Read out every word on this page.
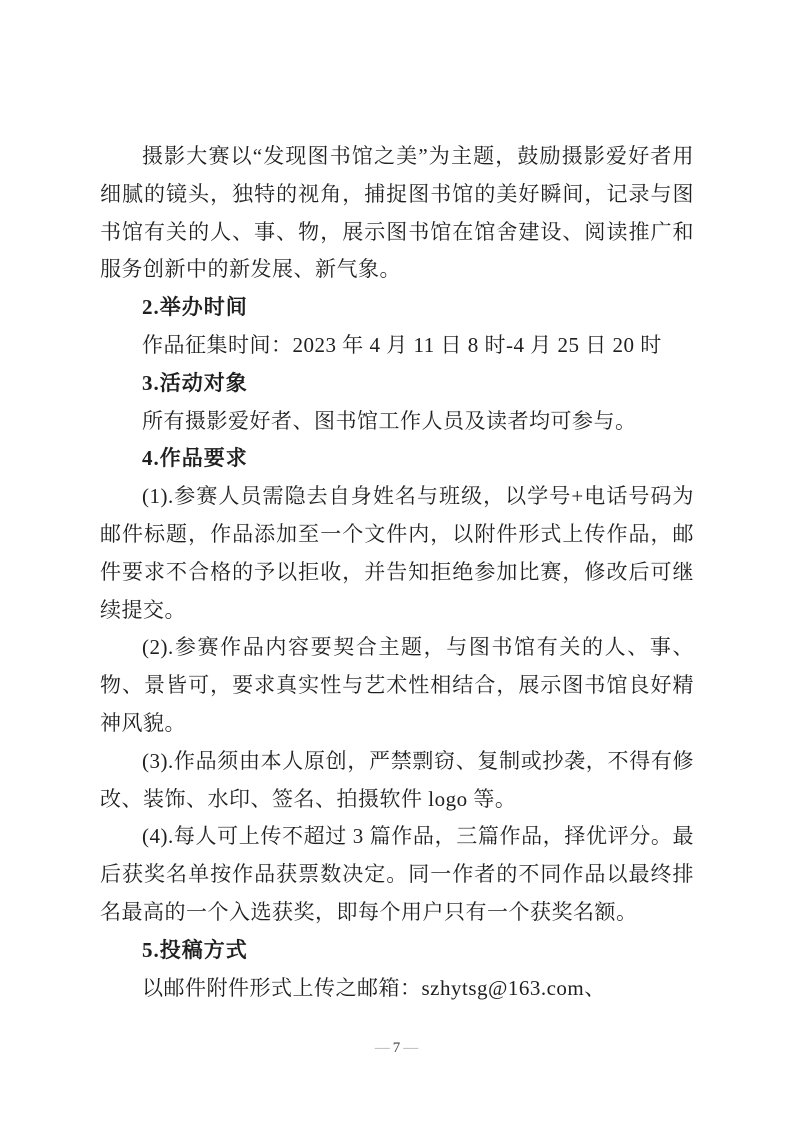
摄影大赛以“发现图书馆之美”为主题，鼓励摄影爱好者用细腻的镜头，独特的视角，捕捉图书馆的美好瞬间，记录与图书馆有关的人、事、物，展示图书馆在馆舍建设、阅读推广和服务创新中的新发展、新气象。

2.举办时间

作品征集时间：2023 年 4 月 11 日 8 时-4 月 25 日 20 时

3.活动对象

所有摄影爱好者、图书馆工作人员及读者均可参与。

4.作品要求

(1).参赛人员需隐去自身姓名与班级，以学号+电话号码为邮件标题，作品添加至一个文件内，以附件形式上传作品，邮件要求不合格的予以拒收，并告知拒绝参加比赛，修改后可继续提交。

(2).参赛作品内容要契合主题，与图书馆有关的人、事、物、景皆可，要求真实性与艺术性相结合，展示图书馆良好精神风貌。

(3).作品须由本人原创，严禁剽窃、复制或抄袭，不得有修改、装饰、水印、签名、拍摄软件 logo 等。

(4).每人可上传不超过 3 篇作品，三篇作品，择优评分。最后获奖名单按作品获票数决定。同一作者的不同作品以最终排名最高的一个入选获奖，即每个用户只有一个获奖名额。

5.投稿方式

以邮件附件形式上传之邮箱：szhytsg@163.com、

— 7 —
